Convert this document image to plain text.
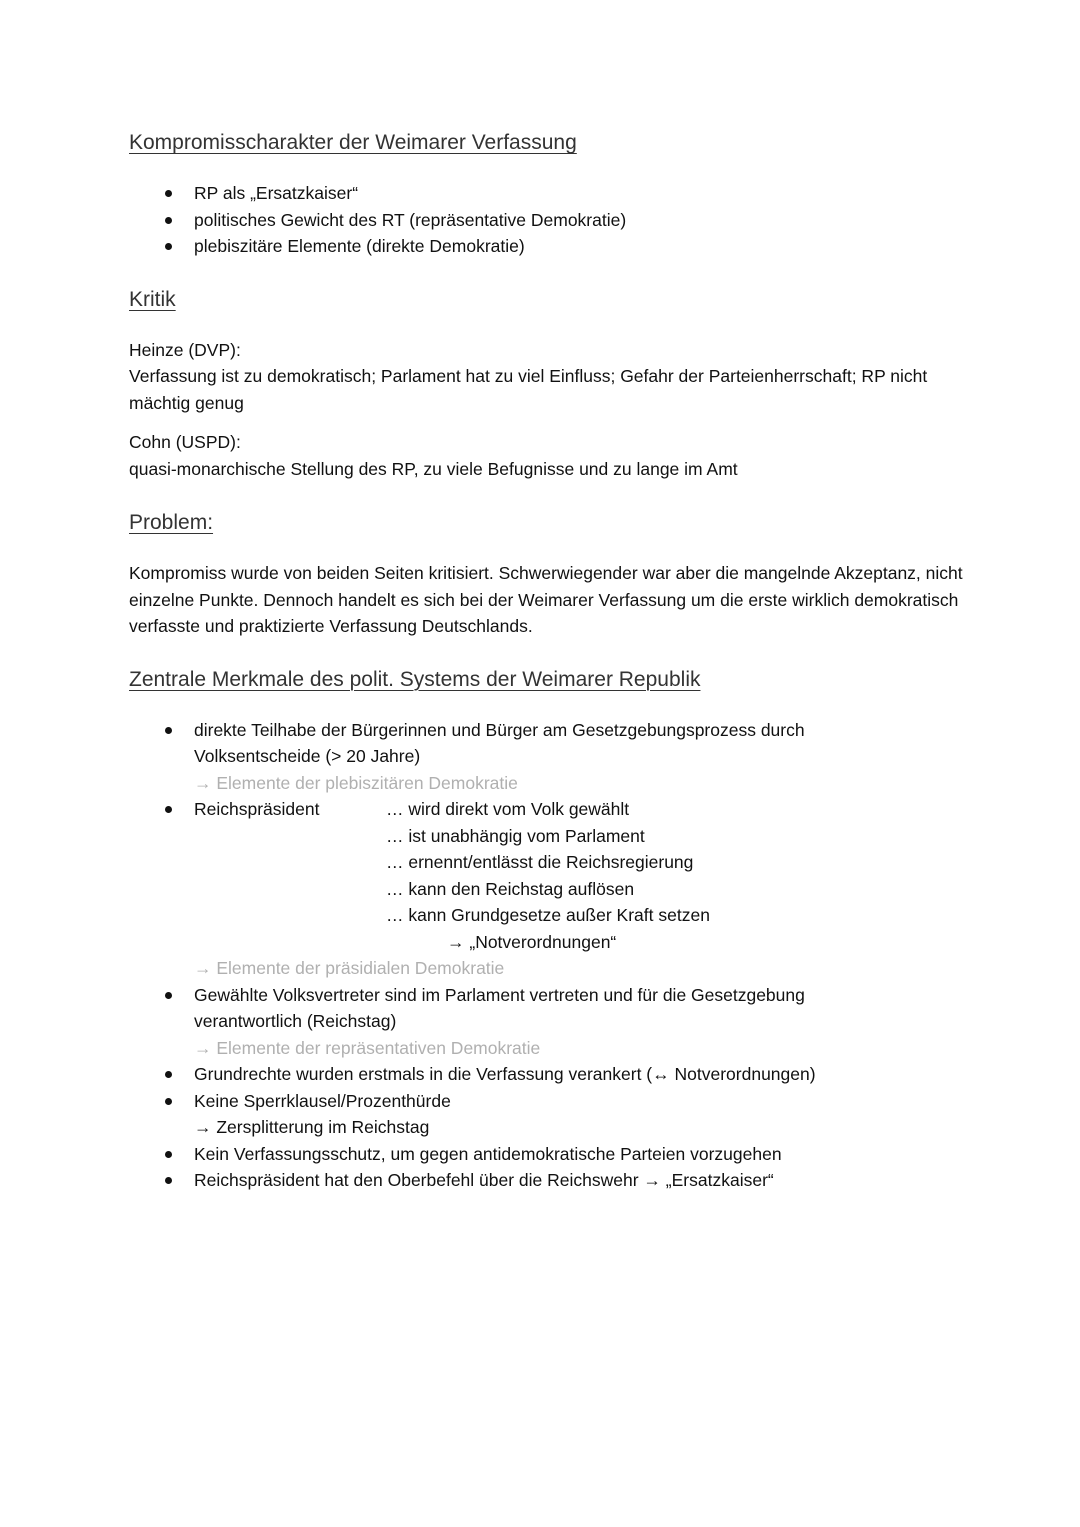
Kompromisscharakter der Weimarer Verfassung
RP als „Ersatzkaiser“
politisches Gewicht des RT (repräsentative Demokratie)
plebiszitäre Elemente (direkte Demokratie)
Kritik

Heinze (DVP):

Verfassung ist zu demokratisch; Parlament hat zu viel Einfluss; Gefahr der Parteienherrschaft; RP nicht mächtig genug

Cohn (USPD):

quasi-monarchische Stellung des RP, zu viele Befugnisse und zu lange im Amt

Problem:

Kompromiss wurde von beiden Seiten kritisiert. Schwerwiegender war aber die mangelnde Akzeptanz, nicht einzelne Punkte. Dennoch handelt es sich bei der Weimarer Verfassung um die erste wirklich demokratisch verfasste und praktizierte Verfassung Deutschlands.

Zentrale Merkmale des polit. Systems der Weimarer Republik
direkte Teilhabe der Bürgerinnen und Bürger am Gesetzgebungsprozess durch Volksentscheide (> 20 Jahre)
→ Elemente der plebiszitären Demokratie
Reichspräsident	… wird direkt vom Volk gewählt
… ist unabhängig vom Parlament
… ernennt/entlässt die Reichsregierung
… kann den Reichstag auflösen
… kann Grundgesetze außer Kraft setzen
→ „Notverordnungen“
→ Elemente der präsidialen Demokratie
Gewählte Volksvertreter sind im Parlament vertreten und für die Gesetzgebung verantwortlich (Reichstag)
→ Elemente der repräsentativen Demokratie
Grundrechte wurden erstmals in die Verfassung verankert (↔ Notverordnungen)
Keine Sperrklausel/Prozenthürde
→ Zersplitterung im Reichstag
Kein Verfassungsschutz, um gegen antidemokratische Parteien vorzugehen
Reichspräsident hat den Oberbefehl über die Reichswehr → „Ersatzkaiser“
